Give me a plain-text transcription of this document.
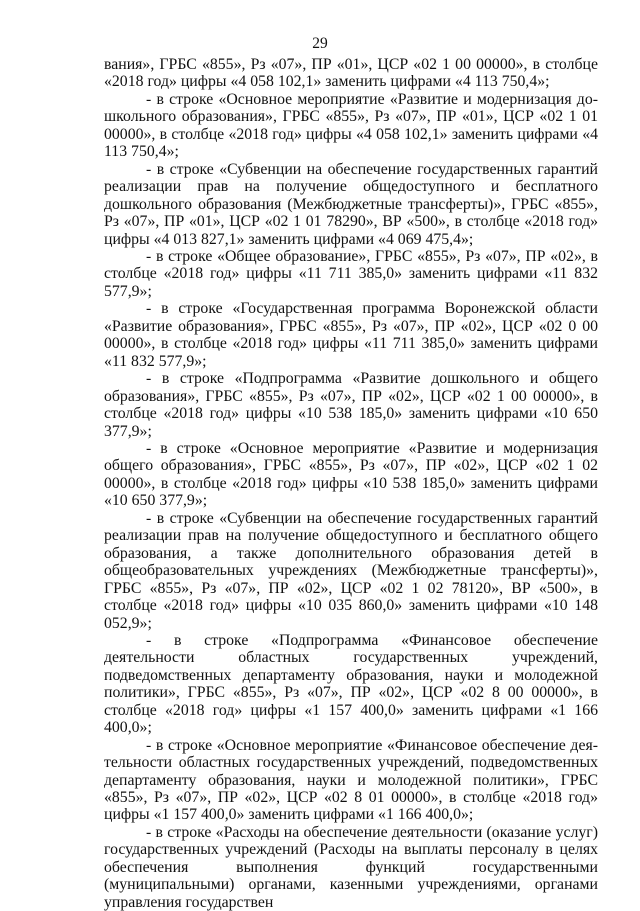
29

вания», ГРБС «855», Рз «07», ПР «01», ЦСР «02 1 00 00000», в столбце «2018 год» цифры «4 058 102,1» заменить цифрами «4 113 750,4»;

- в строке «Основное мероприятие «Развитие и модернизация дошкольного образования», ГРБС «855», Рз «07», ПР «01», ЦСР «02 1 01 00000», в столбце «2018 год» цифры «4 058 102,1» заменить цифрами «4 113 750,4»;

- в строке «Субвенции на обеспечение государственных гарантий реализации прав на получение общедоступного и бесплатного дошкольного образования (Межбюджетные трансферты)», ГРБС «855», Рз «07», ПР «01», ЦСР «02 1 01 78290», ВР «500», в столбце «2018 год» цифры «4 013 827,1» заменить цифрами «4 069 475,4»;

- в строке «Общее образование», ГРБС «855», Рз «07», ПР «02», в столбце «2018 год» цифры «11 711 385,0» заменить цифрами «11 832 577,9»;

- в строке «Государственная программа Воронежской области «Развитие образования», ГРБС «855», Рз «07», ПР «02», ЦСР «02 0 00 00000», в столбце «2018 год» цифры «11 711 385,0» заменить цифрами «11 832 577,9»;

- в строке «Подпрограмма «Развитие дошкольного и общего образования», ГРБС «855», Рз «07», ПР «02», ЦСР «02 1 00 00000», в столбце «2018 год» цифры «10 538 185,0» заменить цифрами «10 650 377,9»;

- в строке «Основное мероприятие «Развитие и модернизация общего образования», ГРБС «855», Рз «07», ПР «02», ЦСР «02 1 02 00000», в столбце «2018 год» цифры «10 538 185,0» заменить цифрами «10 650 377,9»;

- в строке «Субвенции на обеспечение государственных гарантий реализации прав на получение общедоступного и бесплатного общего образования, а также дополнительного образования детей в общеобразовательных учреждениях (Межбюджетные трансферты)», ГРБС «855», Рз «07», ПР «02», ЦСР «02 1 02 78120», ВР «500», в столбце «2018 год» цифры «10 035 860,0» заменить цифрами «10 148 052,9»;

- в строке «Подпрограмма «Финансовое обеспечение деятельности областных государственных учреждений, подведомственных департаменту образования, науки и молодежной политики», ГРБС «855», Рз «07», ПР «02», ЦСР «02 8 00 00000», в столбце «2018 год» цифры «1 157 400,0» заменить цифрами «1 166 400,0»;

- в строке «Основное мероприятие «Финансовое обеспечение деятельности областных государственных учреждений, подведомственных департаменту образования, науки и молодежной политики», ГРБС «855», Рз «07», ПР «02», ЦСР «02 8 01 00000», в столбце «2018 год» цифры «1 157 400,0» заменить цифрами «1 166 400,0»;

- в строке «Расходы на обеспечение деятельности (оказание услуг) государственных учреждений (Расходы на выплаты персоналу в целях обеспечения выполнения функций государственными (муниципальными) органами, казенными учреждениями, органами управления государствен
